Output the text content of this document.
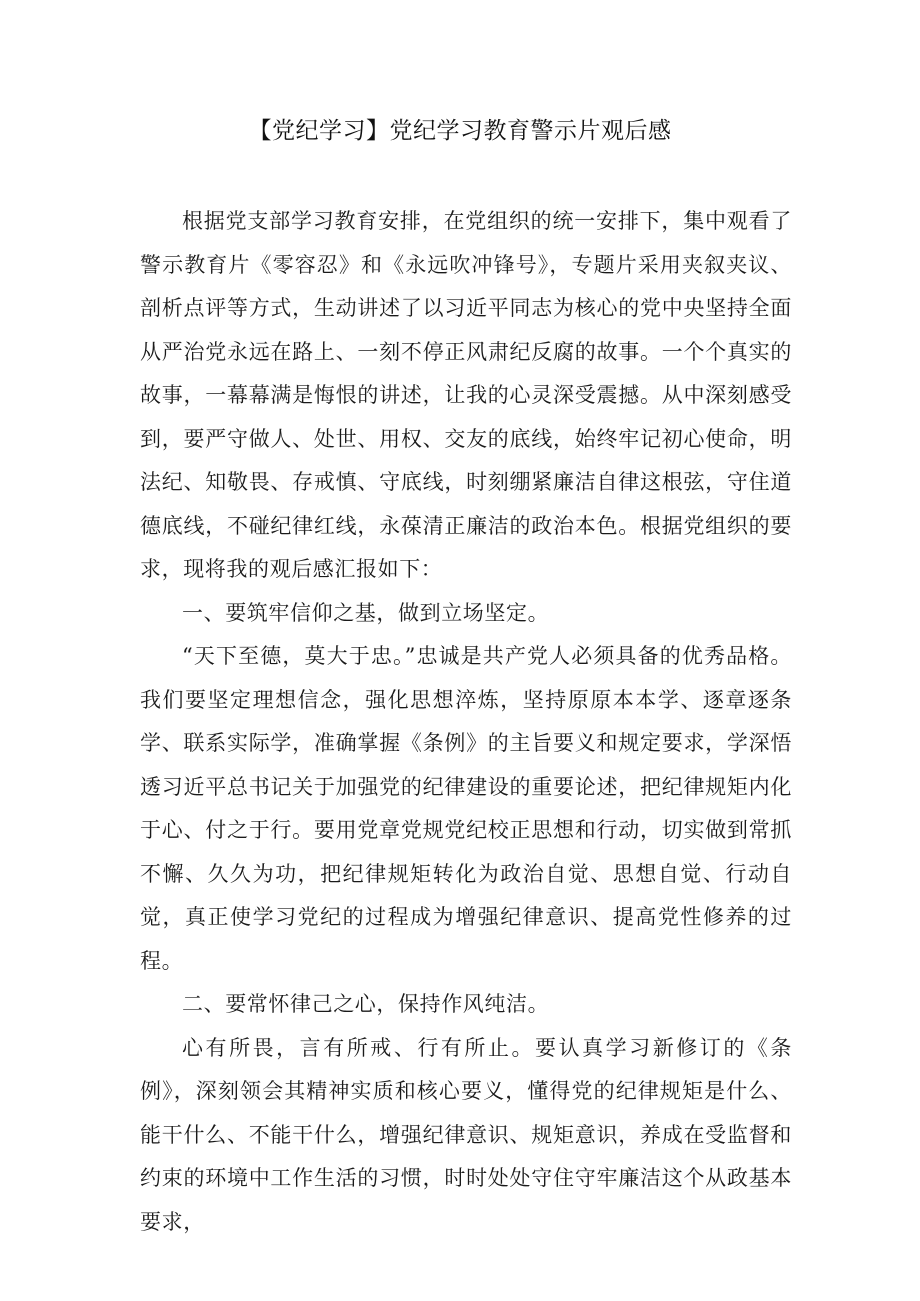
【党纪学习】党纪学习教育警示片观后感

根据党支部学习教育安排，在党组织的统一安排下，集中观看了警示教育片《零容忍》和《永远吹冲锋号》，专题片采用夹叙夹议、剖析点评等方式，生动讲述了以习近平同志为核心的党中央坚持全面从严治党永远在路上、一刻不停正风肃纪反腐的故事。一个个真实的故事，一幕幕满是悔恨的讲述，让我的心灵深受震撼。从中深刻感受到，要严守做人、处世、用权、交友的底线，始终牢记初心使命，明法纪、知敬畏、存戒慎、守底线，时刻绷紧廉洁自律这根弦，守住道德底线，不碰纪律红线，永葆清正廉洁的政治本色。根据党组织的要求，现将我的观后感汇报如下：

一、要筑牢信仰之基，做到立场坚定。

“天下至德，莫大于忠。”忠诚是共产党人必须具备的优秀品格。我们要坚定理想信念，强化思想淬炼，坚持原原本本学、逐章逐条学、联系实际学，准确掌握《条例》的主旨要义和规定要求，学深悟透习近平总书记关于加强党的纪律建设的重要论述，把纪律规矩内化于心、付之于行。要用党章党规党纪校正思想和行动，切实做到常抓不懈、久久为功，把纪律规矩转化为政治自觉、思想自觉、行动自觉，真正使学习党纪的过程成为增强纪律意识、提高党性修养的过程。

二、要常怀律己之心，保持作风纯洁。

心有所畏，言有所戒、行有所止。要认真学习新修订的《条例》，深刻领会其精神实质和核心要义，懂得党的纪律规矩是什么、能干什么、不能干什么，增强纪律意识、规矩意识，养成在受监督和约束的环境中工作生活的习惯，时时处处守住守牢廉洁这个从政基本要求，
